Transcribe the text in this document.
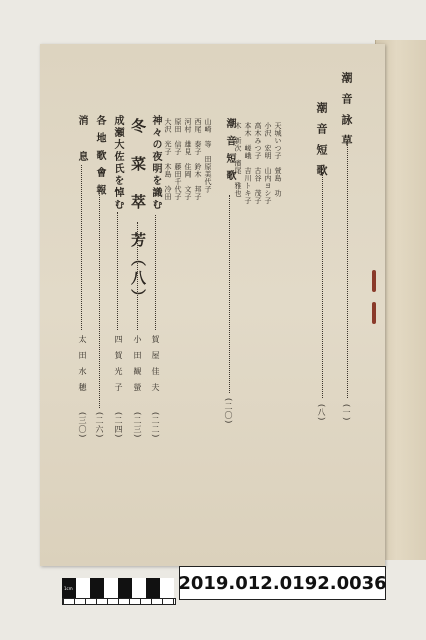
潮 音 詠 草
(一)
潮 音 短 歌
(八)
天城いつ子　萱島　功
小沢　宏明　山内ヨシ子
高木みつ子　古谷　茂子
本木　嵯峨　吉川トキ子
木　新次　濱尾　雅也
潮 音 短 歌
(二〇)
山崎　等　田原美代子
西尾　泰子　鈴木　邦子
河村　雄見　住岡　文子
原田　信子　藤田千代子
大沢　光子　木島　冷田
神々の夜明を識む
賀　屋　佳　夫
(二二)
冬　菜　萃　芳（八）
小　田　観　螢
(二三)
成瀬大佐氏を悼む
四　賀　光　子
(二四)
各 地 歌 會 報
(二六)
消　　息
太　田　水　穂
(三〇)
1cm	5cm 2019.012.0192.0036
